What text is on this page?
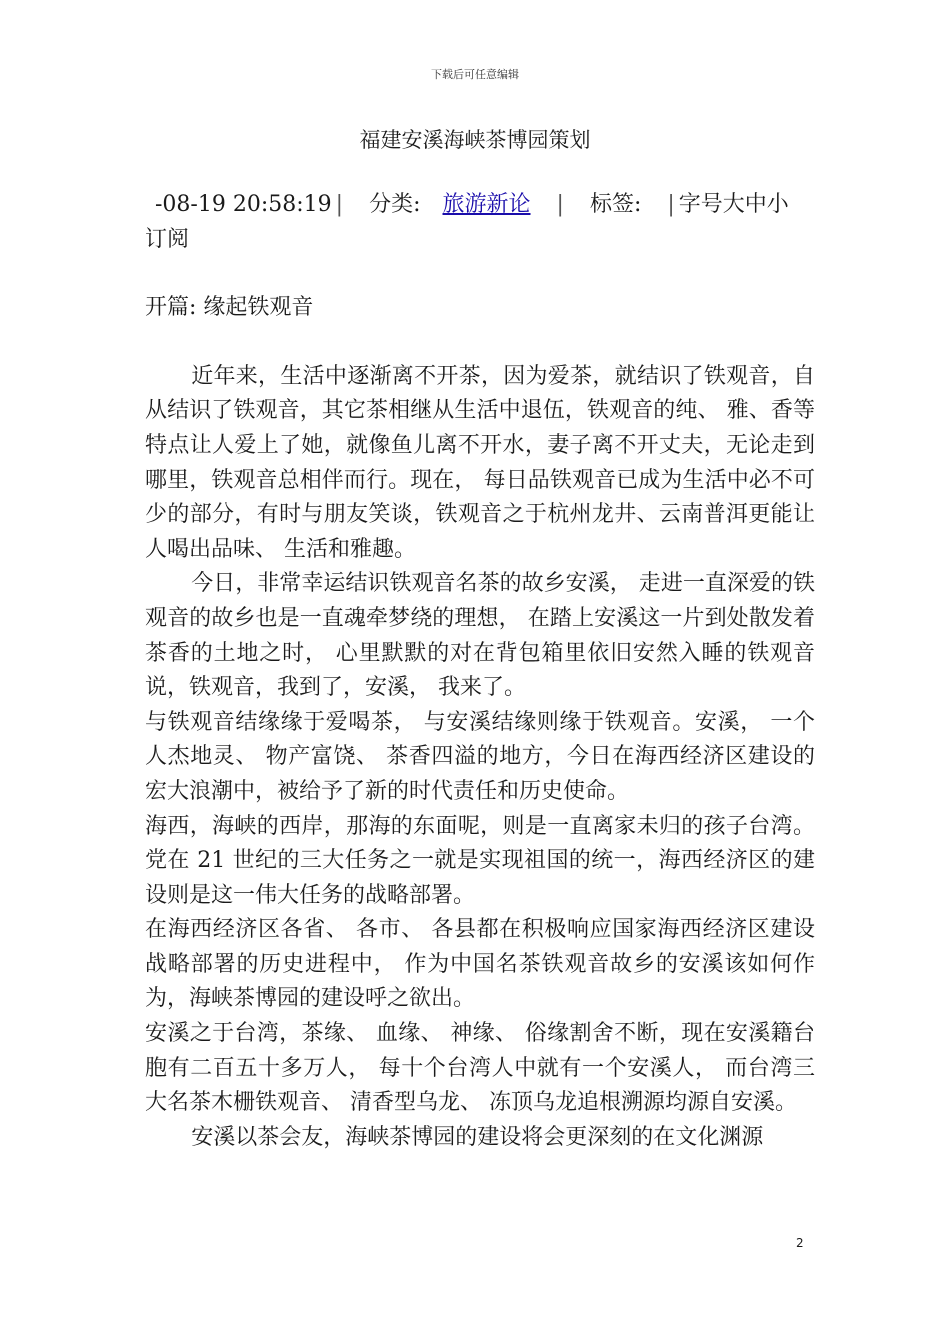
下载后可任意编辑
福建安溪海峡茶博园策划
-08-19 20:58:19 | 分类: 旅游新论 | 标签: | 字号大中小
订阅
开篇: 缘起铁观音

近年来，生活中逐渐离不开茶，因为爱茶，就结识了铁观音，自从结识了铁观音，其它茶相继从生活中退伍，铁观音的纯、 雅、香等特点让人爱上了她，就像鱼儿离不开水，妻子离不开丈夫，无论走到哪里，铁观音总相伴而行。现在， 每日品铁观音已成为生活中必不可少的部分，有时与朋友笑谈，铁观音之于杭州龙井、云南普洱更能让人喝出品味、 生活和雅趣。

今日，非常幸运结识铁观音名茶的故乡安溪， 走进一直深爱的铁观音的故乡也是一直魂牵梦绕的理想， 在踏上安溪这一片到处散发着茶香的土地之时， 心里默默的对在背包箱里依旧安然入睡的铁观音说，铁观音，我到了，安溪， 我来了。

与铁观音结缘缘于爱喝茶， 与安溪结缘则缘于铁观音。安溪， 一个人杰地灵、 物产富饶、 茶香四溢的地方，今日在海西经济区建设的宏大浪潮中，被给予了新的时代责任和历史使命。

海西，海峡的西岸，那海的东面呢，则是一直离家未归的孩子台湾。党在 21 世纪的三大任务之一就是实现祖国的统一，海西经济区的建设则是这一伟大任务的战略部署。

在海西经济区各省、 各市、 各县都在积极响应国家海西经济区建设战略部署的历史进程中， 作为中国名茶铁观音故乡的安溪该如何作为，海峡茶博园的建设呼之欲出。

安溪之于台湾，茶缘、 血缘、 神缘、 俗缘割舍不断，现在安溪籍台胞有二百五十多万人， 每十个台湾人中就有一个安溪人， 而台湾三大名茶木栅铁观音、 清香型乌龙、 冻顶乌龙追根溯源均源自安溪。

安溪以茶会友，海峡茶博园的建设将会更深刻的在文化渊源

2
